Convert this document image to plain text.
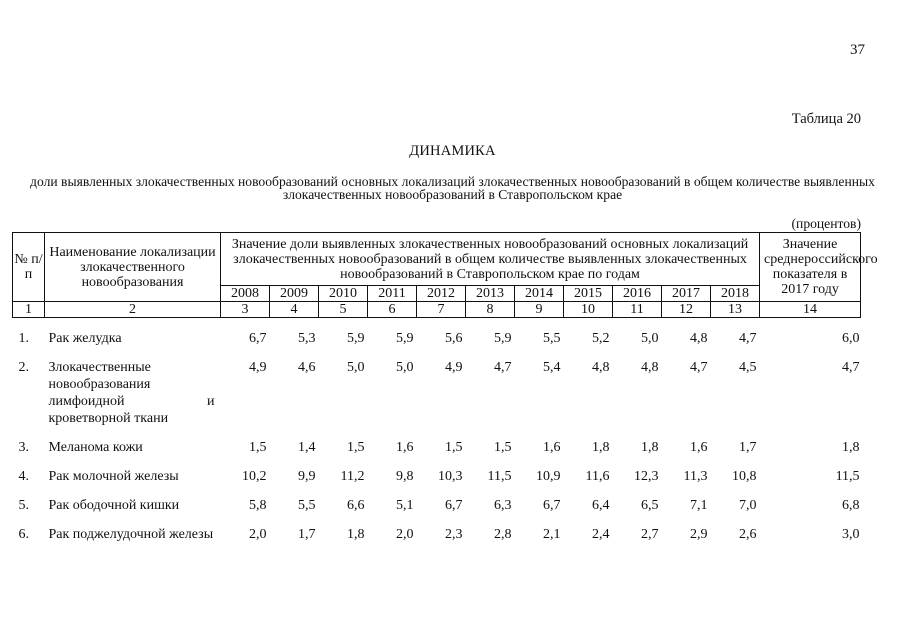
37
Таблица 20
ДИНАМИКА
доли выявленных злокачественных новообразований основных локализаций злокачественных новообразований в общем количестве выявленных злокачественных новообразований в Ставропольском крае
(процентов)
№ п/п	Наименование локализации злокачественного новообразования	Значение доли выявленных злокачественных новообразований основных локализаций злокачественных новообразований в общем количестве выявленных злокачественных новообразований в Ставропольском крае по годам											Значение среднероссийского показателя в 2017 году
		2008	2009	2010	2011	2012	2013	2014	2015	2016	2017	2018	
1	2	3	4	5	6	7	8	9	10	11	12	13	14
1.	Рак желудка	6,7	5,3	5,9	5,9	5,6	5,9	5,5	5,2	5,0	4,8	4,7	6,0
2.	Злокачественные новообразования лимфоидной и кроветворной ткани	4,9	4,6	5,0	5,0	4,9	4,7	5,4	4,8	4,8	4,7	4,5	4,7
3.	Меланома кожи	1,5	1,4	1,5	1,6	1,5	1,5	1,6	1,8	1,8	1,6	1,7	1,8
4.	Рак молочной железы	10,2	9,9	11,2	9,8	10,3	11,5	10,9	11,6	12,3	11,3	10,8	11,5
5.	Рак ободочной кишки	5,8	5,5	6,6	5,1	6,7	6,3	6,7	6,4	6,5	7,1	7,0	6,8
6.	Рак поджелудочной железы	2,0	1,7	1,8	2,0	2,3	2,8	2,1	2,4	2,7	2,9	2,6	3,0
